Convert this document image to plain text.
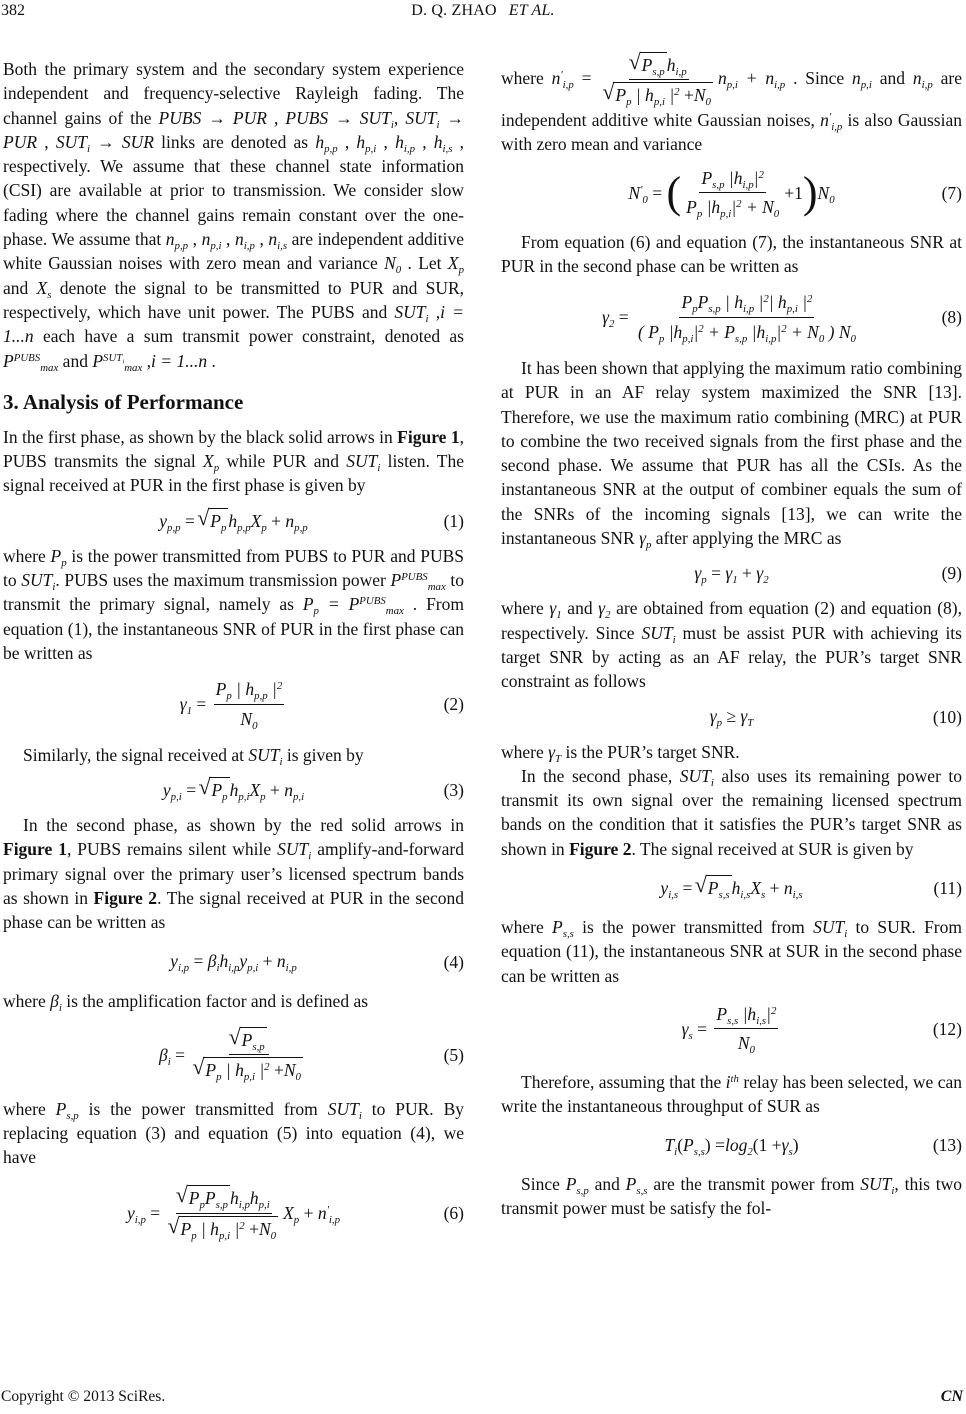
382	D. Q. ZHAO ET AL.

Both the primary system and the secondary system experience independent and frequency-selective Rayleigh fading. The channel gains of the PUBS → PUR , PUBS → $SUT_i$, $SUT_i$ → PUR , $SUT_i$ → SUR links are denoted as $h_{p,p}$ , $h_{p,i}$ , $h_{i,p}$ , $h_{i,s}$ , respectively. We assume that these channel state information (CSI) are available at prior to transmission. We consider slow fading where the channel gains remain constant over the one-phase. We assume that $n_{p,p}$ , $n_{p,i}$ , $n_{i,p}$ , $n_{i,s}$ are independent additive white Gaussian noises with zero mean and variance $N_0$ . Let $X_p$ and $X_s$ denote the signal to be transmitted to PUR and SUR, respectively, which have unit power. The PUBS and $SUT_i$ ,i = 1...n each have a sum transmit power constraint, denoted as $P^{PUBS}_{max}$ and $P^{SUT_i}_{max}$ ,i = 1...n .

3. Analysis of Performance

In the first phase, as shown by the black solid arrows in Figure 1, PUBS transmits the signal $X_p$ while PUR and $SUT_i$ listen. The signal received at PUR in the first phase is given by

$y_{p,p}$ = √ $P_p$ $h_{p,p}X_p + n_{p,p}$	(1)

where $P_p$ is the power transmitted from PUBS to PUR and PUBS to $SUT_i$. PUBS uses the maximum transmission power $P^{PUBS}_{max}$ to transmit the primary signal, namely as $P_p = P^{PUBS}_{max}$ . From equation (1), the instantaneous SNR of PUR in the first phase can be written as

$\gamma_1 = \frac{P_p | h_{p,p} |^2}{N_0}$	(2)

Similarly, the signal received at $SUT_i$ is given by

$y_{p,i}$ = √ $P_p$ $h_{p,i}X_p + n_{p,i}$	(3)

In the second phase, as shown by the red solid arrows in Figure 1, PUBS remains silent while $SUT_i$ amplify-and-forward primary signal over the primary user’s licensed spectrum bands as shown in Figure 2. The signal received at PUR in the second phase can be written as

$y_{i,p} = \beta_ih_{i,p}y_{p,i} + n_{i,p}$	(4)

where $\beta_i$ is the amplification factor and is defined as

$\beta_i$ = √ $P_{s,p}$
√ $P_p$ | $h_{p,i}$ $|^2 +N_0$	(5)

where $P_{s,p}$ is the power transmitted from $SUT_i$ to PUR. By replacing equation (3) and equation (5) into equation (4), we have

$y_{i,p}$ = √ $P_pP_{s,p}$ $h_{i,p}h_{p,i}$
√ $P_p$ | $h_{p,i}$ $|^2 +N_0$ $X_p + n'_{i,p}$	(6)

where $n'_{i,p}$ = √ $P_{s,p}$ $h_{i,p}$
√ $P_p$ | $h_{p,i}$ $|^2 +N_0$ $n_{p,i} + n_{i,p}$ . Since $n_{p,i}$ and $n_{i,p}$ are independent additive white Gaussian noises, $n'_{i,p}$ is also Gaussian with zero mean and variance

$N'_0$ = ( $\frac{P_{s,p} |h_{i,p}|^2}{P_p |h_{p,i}|^2 + N_0} +1$ ) $N_0$	(7)

From equation (6) and equation (7), the instantaneous SNR at PUR in the second phase can be written as

$\gamma_2 = \frac{P_pP_{s,p} | h_{i,p} |^2| h_{p,i} |^2}{( P_p |h_{p,i}|^2 + P_{s,p} |h_{i,p}|^2 + N_0 ) N_0}$	(8)

It has been shown that applying the maximum ratio combining at PUR in an AF relay system maximized the SNR [13]. Therefore, we use the maximum ratio combining (MRC) at PUR to combine the two received signals from the first phase and the second phase. We assume that PUR has all the CSIs. As the instantaneous SNR at the output of combiner equals the sum of the SNRs of the incoming signals [13], we can write the instantaneous SNR $\gamma_p$ after applying the MRC as

$\gamma_p = \gamma_1 + \gamma_2$	(9)

where $\gamma_1$ and $\gamma_2$ are obtained from equation (2) and equation (8), respectively. Since $SUT_i$ must be assist PUR with achieving its target SNR by acting as an AF relay, the PUR’s target SNR constraint as follows

$\gamma_p \ge \gamma_T$	(10)

where $\gamma_T$ is the PUR’s target SNR.

In the second phase, $SUT_i$ also uses its remaining power to transmit its own signal over the remaining licensed spectrum bands on the condition that it satisfies the PUR’s target SNR as shown in Figure 2. The signal received at SUR is given by

$y_{i,s}$ = √ $P_{s,s}$ $h_{i,s}X_s + n_{i,s}$	(11)

where $P_{s,s}$ is the power transmitted from $SUT_i$ to SUR. From equation (11), the instantaneous SNR at SUR in the second phase can be written as

$\gamma_s = \frac{P_{s,s} |h_{i,s}|^2}{N_0}$	(12)

Therefore, assuming that the $i^{th}$ relay has been selected, we can write the instantaneous throughput of SUR as

$T_i$ ( $P_{s,s}$ ) = $\log_2 (1 + \gamma_s$ )	(13)

Since $P_{s,p}$ and $P_{s,s}$ are the transmit power from $SUT_i$, this two transmit power must be satisfy the fol-

Copyright © 2013 SciRes.	CN
